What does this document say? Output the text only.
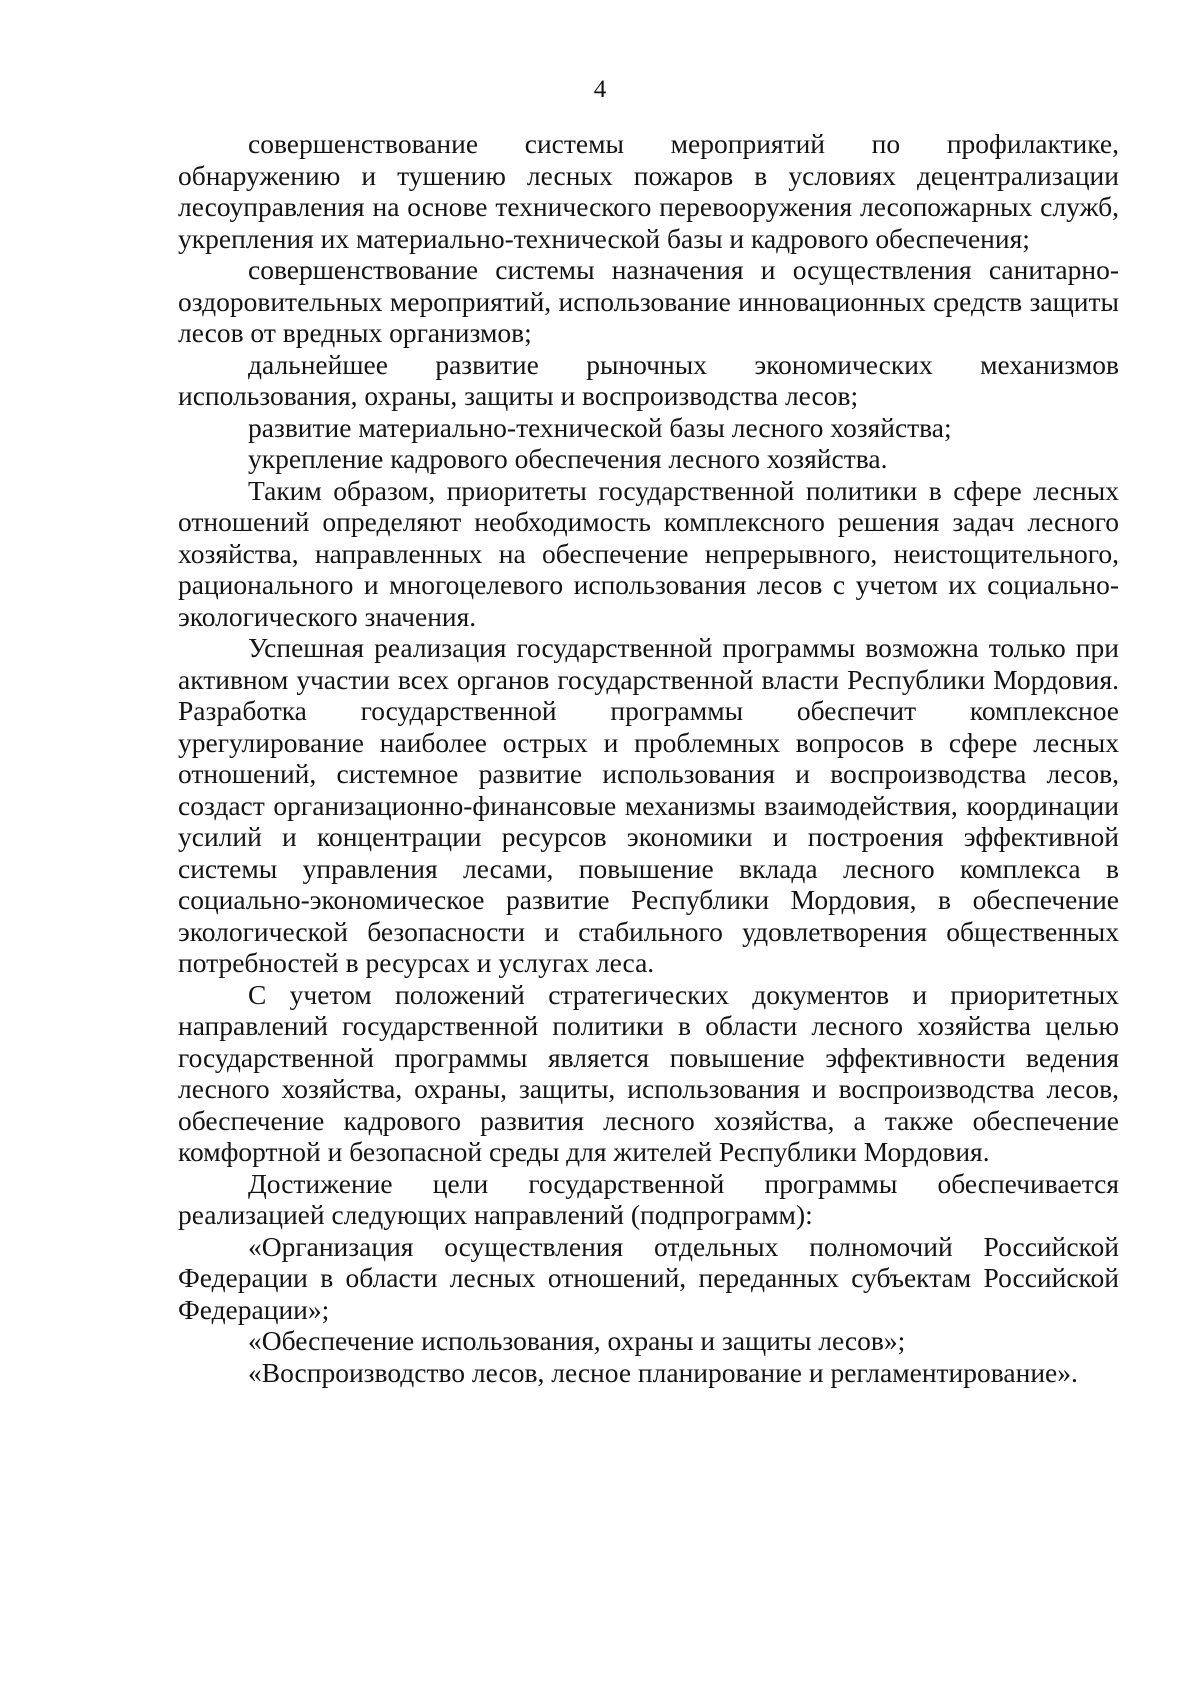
4

совершенствование системы мероприятий по профилактике, обнаружению и тушению лесных пожаров в условиях децентрализации лесоуправления на основе технического перевооружения лесопожарных служб, укрепления их материально-технической базы и кадрового обеспечения;

совершенствование системы назначения и осуществления санитарно-оздоровительных мероприятий, использование инновационных средств защиты лесов от вредных организмов;

дальнейшее развитие рыночных экономических механизмов использования, охраны, защиты и воспроизводства лесов;

развитие материально-технической базы лесного хозяйства;

укрепление кадрового обеспечения лесного хозяйства.

Таким образом, приоритеты государственной политики в сфере лесных отношений определяют необходимость комплексного решения задач лесного хозяйства, направленных на обеспечение непрерывного, неистощительного, рационального и многоцелевого использования лесов с учетом их социально-экологического значения.

Успешная реализация государственной программы возможна только при активном участии всех органов государственной власти Республики Мордовия. Разработка государственной программы обеспечит комплексное урегулирование наиболее острых и проблемных вопросов в сфере лесных отношений, системное развитие использования и воспроизводства лесов, создаст организационно-финансовые механизмы взаимодействия, координации усилий и концентрации ресурсов экономики и построения эффективной системы управления лесами, повышение вклада лесного комплекса в социально-экономическое развитие Республики Мордовия, в обеспечение экологической безопасности и стабильного удовлетворения общественных потребностей в ресурсах и услугах леса.

С учетом положений стратегических документов и приоритетных направлений государственной политики в области лесного хозяйства целью государственной программы является повышение эффективности ведения лесного хозяйства, охраны, защиты, использования и воспроизводства лесов, обеспечение кадрового развития лесного хозяйства, а также обеспечение комфортной и безопасной среды для жителей Республики Мордовия.

Достижение цели государственной программы обеспечивается реализацией следующих направлений (подпрограмм):

«Организация осуществления отдельных полномочий Российской Федерации в области лесных отношений, переданных субъектам Российской Федерации»;

«Обеспечение использования, охраны и защиты лесов»;

«Воспроизводство лесов, лесное планирование и регламентирование».
